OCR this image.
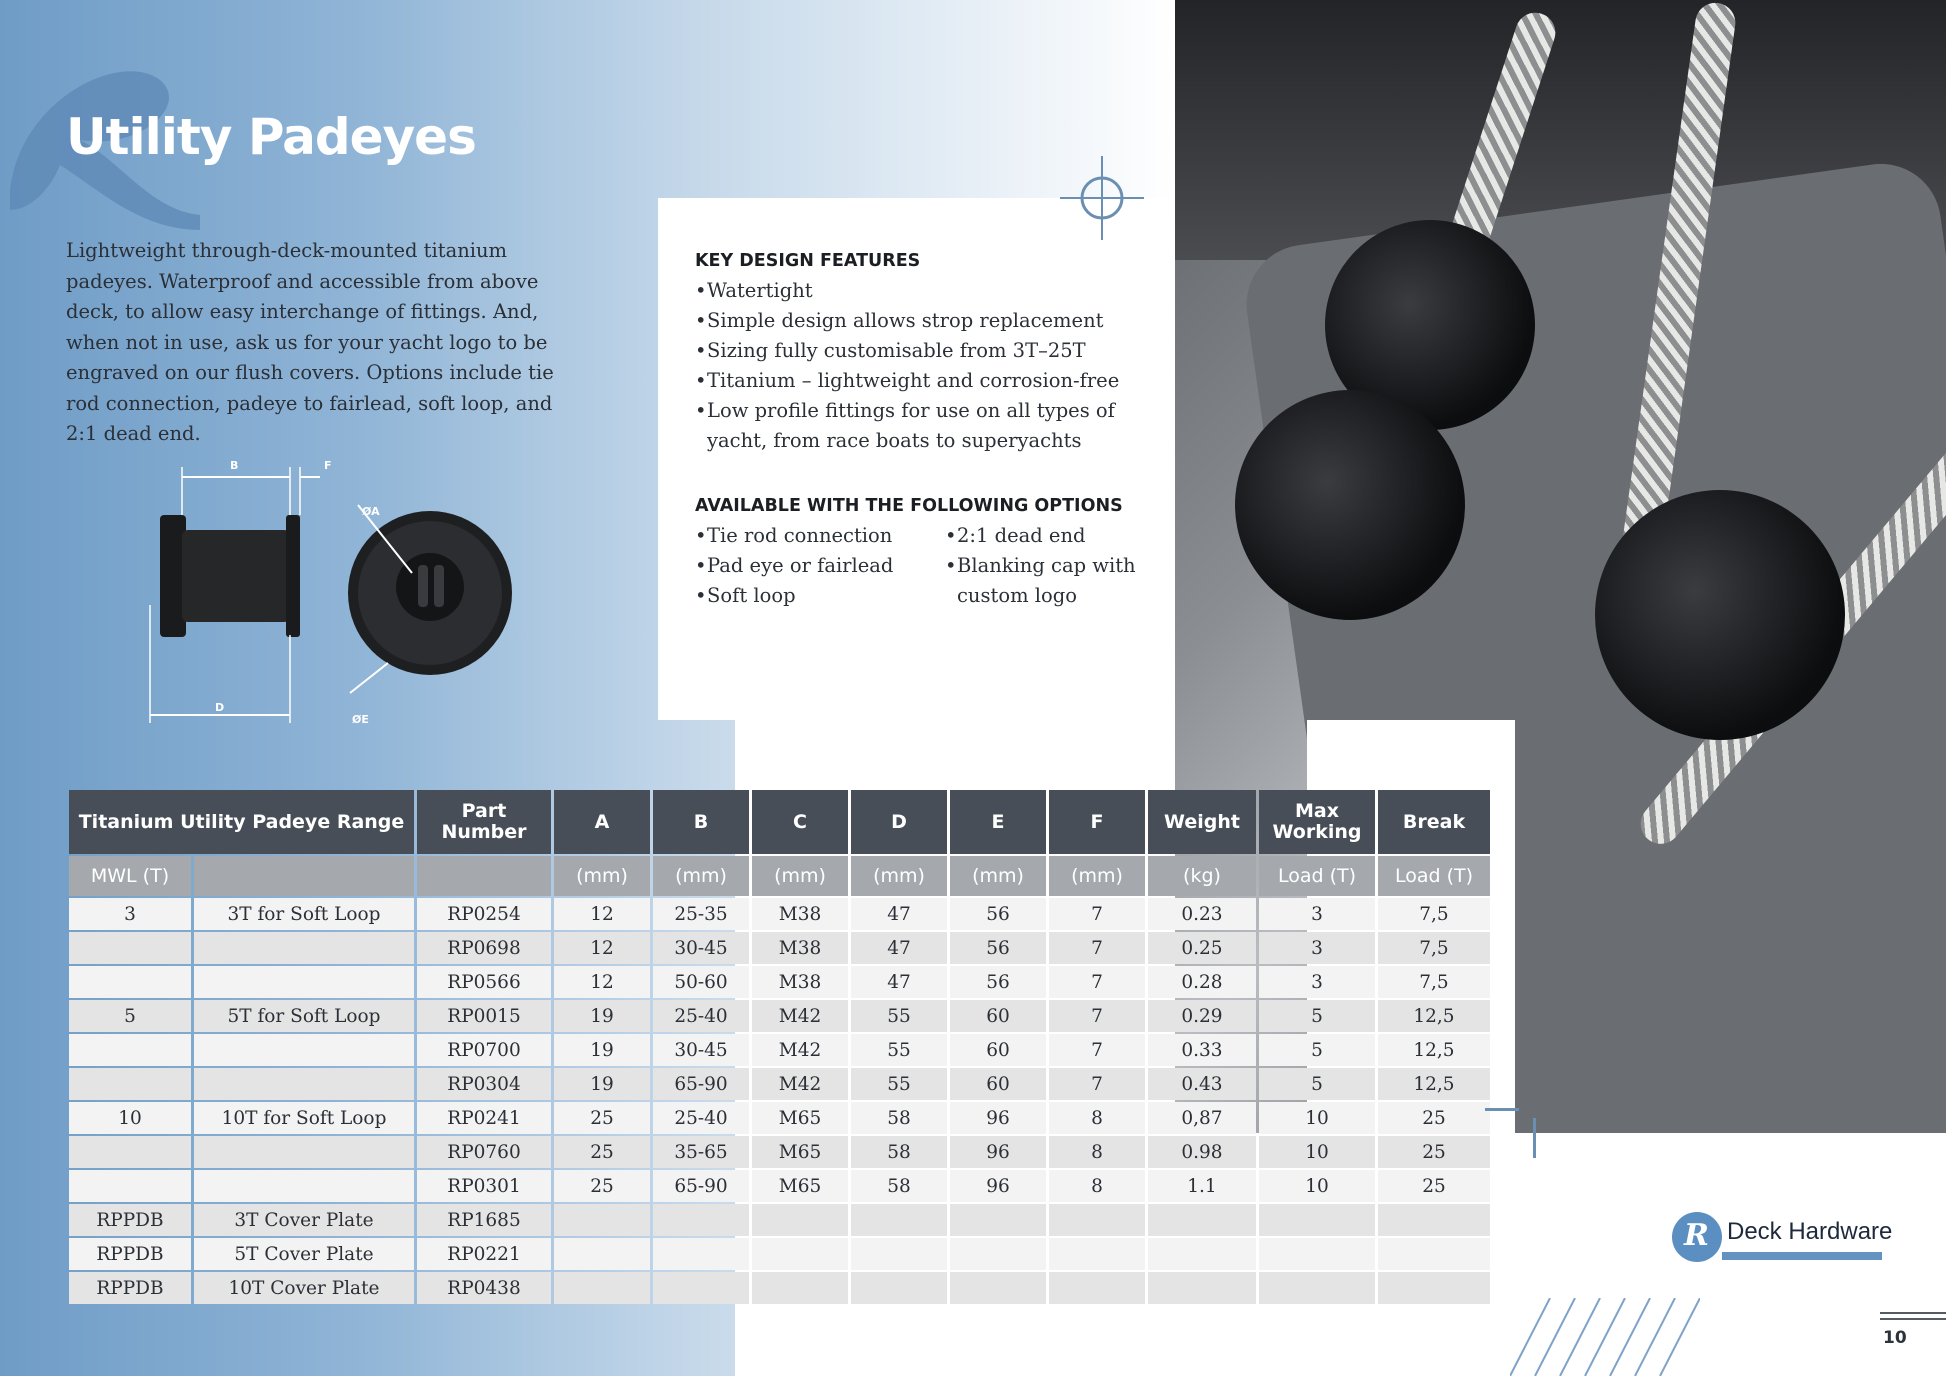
Utility Padeyes

Lightweight through-deck-mounted titanium padeyes. Waterproof and accessible from above deck, to allow easy interchange of fittings. And, when not in use, ask us for your yacht logo to be engraved on our flush covers. Options include tie rod connection, padeye to fairlead, soft loop, and 2:1 dead end.

B	F
D
ØA
ØE
KEY DESIGN FEATURES
• Watertight
• Simple design allows strop replacement
• Sizing fully customisable from 3T–25T
• Titanium – lightweight and corrosion-free
• Low profile fittings for use on all types of yacht, from race boats to superyachts
AVAILABLE WITH THE FOLLOWING OPTIONS
• Tie rod connection
• Pad eye or fairlead
• Soft loop
• 2:1 dead end
• Blanking cap with custom logo
Titanium Utility Padeye Range		Part Number	A	B	C	D	E	F	Weight	Max Working	Break
MWL (T)			(mm)	(mm)	(mm)	(mm)	(mm)	(mm)	(kg)	Load (T)	Load (T)
3	3T for Soft Loop	RP0254	12	25-35	M38	47	56	7	0.23	3	7,5
		RP0698	12	30-45	M38	47	56	7	0.25	3	7,5
		RP0566	12	50-60	M38	47	56	7	0.28	3	7,5
5	5T for Soft Loop	RP0015	19	25-40	M42	55	60	7	0.29	5	12,5
		RP0700	19	30-45	M42	55	60	7	0.33	5	12,5
		RP0304	19	65-90	M42	55	60	7	0.43	5	12,5
10	10T for Soft Loop	RP0241	25	25-40	M65	58	96	8	0,87	10	25
		RP0760	25	35-65	M65	58	96	8	0.98	10	25
		RP0301	25	65-90	M65	58	96	8	1.1	10	25
RPPDB	3T Cover Plate	RP1685									
RPPDB	5T Cover Plate	RP0221									
RPPDB	10T Cover Plate	RP0438									
R Deck Hardware

10
